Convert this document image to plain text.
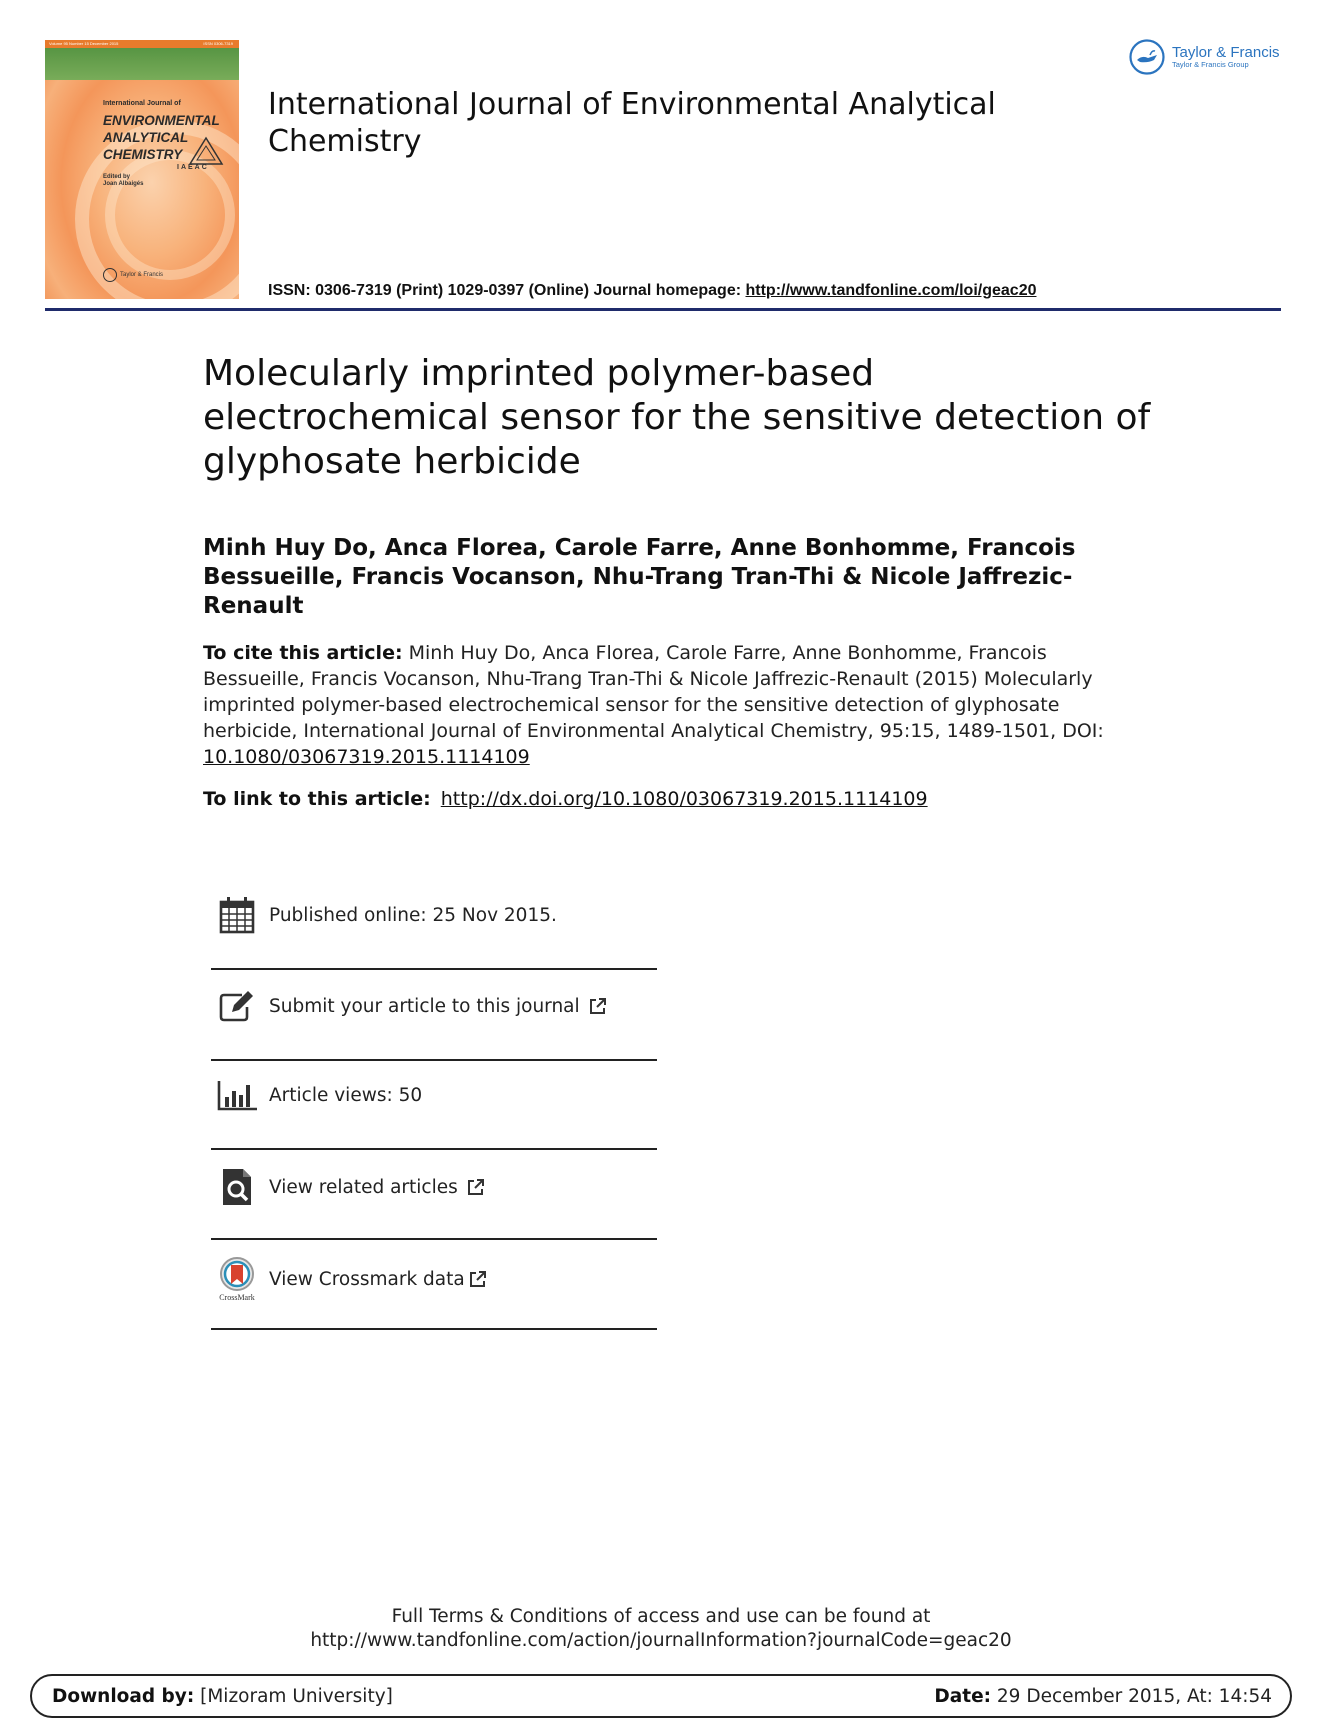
Volume 95 Number 15 December 2015	ISSN 0306-7319
International Journal of
ENVIRONMENTAL
ANALYTICAL
CHEMISTRY
IAEAC
Edited by
Joan Albaigés
Taylor & Francis
International Journal of Environmental Analytical Chemistry
ISSN: 0306-7319 (Print) 1029-0397 (Online) Journal homepage: http://www.tandfonline.com/loi/geac20
Taylor & Francis
Taylor & Francis Group
Molecularly imprinted polymer-based electrochemical sensor for the sensitive detection of glyphosate herbicide
Minh Huy Do, Anca Florea, Carole Farre, Anne Bonhomme, Francois Bessueille, Francis Vocanson, Nhu-Trang Tran-Thi & Nicole Jaffrezic-Renault
To cite this article: Minh Huy Do, Anca Florea, Carole Farre, Anne Bonhomme, Francois Bessueille, Francis Vocanson, Nhu-Trang Tran-Thi & Nicole Jaffrezic-Renault (2015) Molecularly imprinted polymer-based electrochemical sensor for the sensitive detection of glyphosate herbicide, International Journal of Environmental Analytical Chemistry, 95:15, 1489-1501, DOI: 10.1080/03067319.2015.1114109
To link to this article: http://dx.doi.org/10.1080/03067319.2015.1114109
Published online: 25 Nov 2015.
Submit your article to this journal
Article views: 50
View related articles
CrossMark
View Crossmark data
Full Terms & Conditions of access and use can be found at
http://www.tandfonline.com/action/journalInformation?journalCode=geac20
Download by: [Mizoram University]	Date: 29 December 2015, At: 14:54
